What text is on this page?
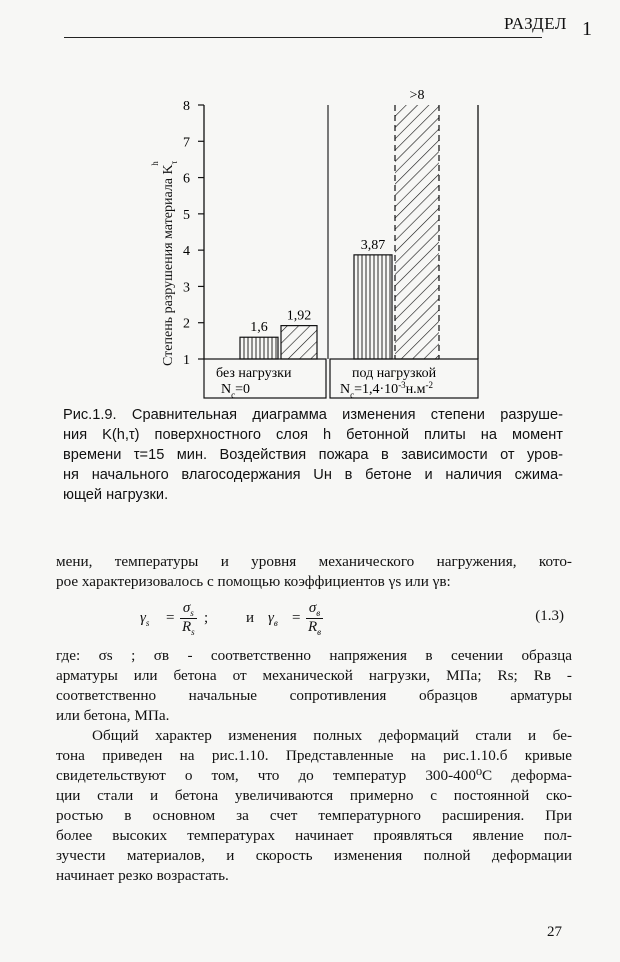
РАЗДЕЛ 1
Степень разрушения материала $K_\tau h$
1
2
3
4
5
6
7
8
1,6
1,92
3,87
>8
без нагрузки
$N_c=0$
под нагрузкой
$N_c=1,4\cdot 10^{-3}н.м^{-2}$
Рис.1.9. Сравнительная диаграмма изменения степени разруше-
ния K(h,τ) поверхностного слоя h бетонной плиты на момент
времени τ=15 мин. Воздействия пожара в зависимости от уров-
ня начального влагосодержания Uн в бетоне и наличия сжима-
ющей нагрузки.
мени, температуры и уровня механического нагружения, кото-
рое характеризовалось с помощью коэффициентов γs или γв:
$\gamma_s = \frac{\sigma_s}{R_s}$ ;	и $\gamma_в$ =
$\sigma_в$
$R_в$
(1.3)
где: σs ; σв - соответственно напряжения в сечении образца
арматуры или бетона от механической нагрузки, МПа; Rs; Rв -
соответственно начальные сопротивления образцов арматуры
или бетона, МПа.
Общий характер изменения полных деформаций стали и бе-
тона приведен на рис.1.10. Представленные на рис.1.10.б кривые
свидетельствуют о том, что до температур 300-400⁰С деформа-
ции стали и бетона увеличиваются примерно с постоянной ско-
ростью в основном за счет температурного расширения. При
более высоких температурах начинает проявляться явление пол-
зучести материалов, и скорость изменения полной деформации
начинает резко возрастать.
27
